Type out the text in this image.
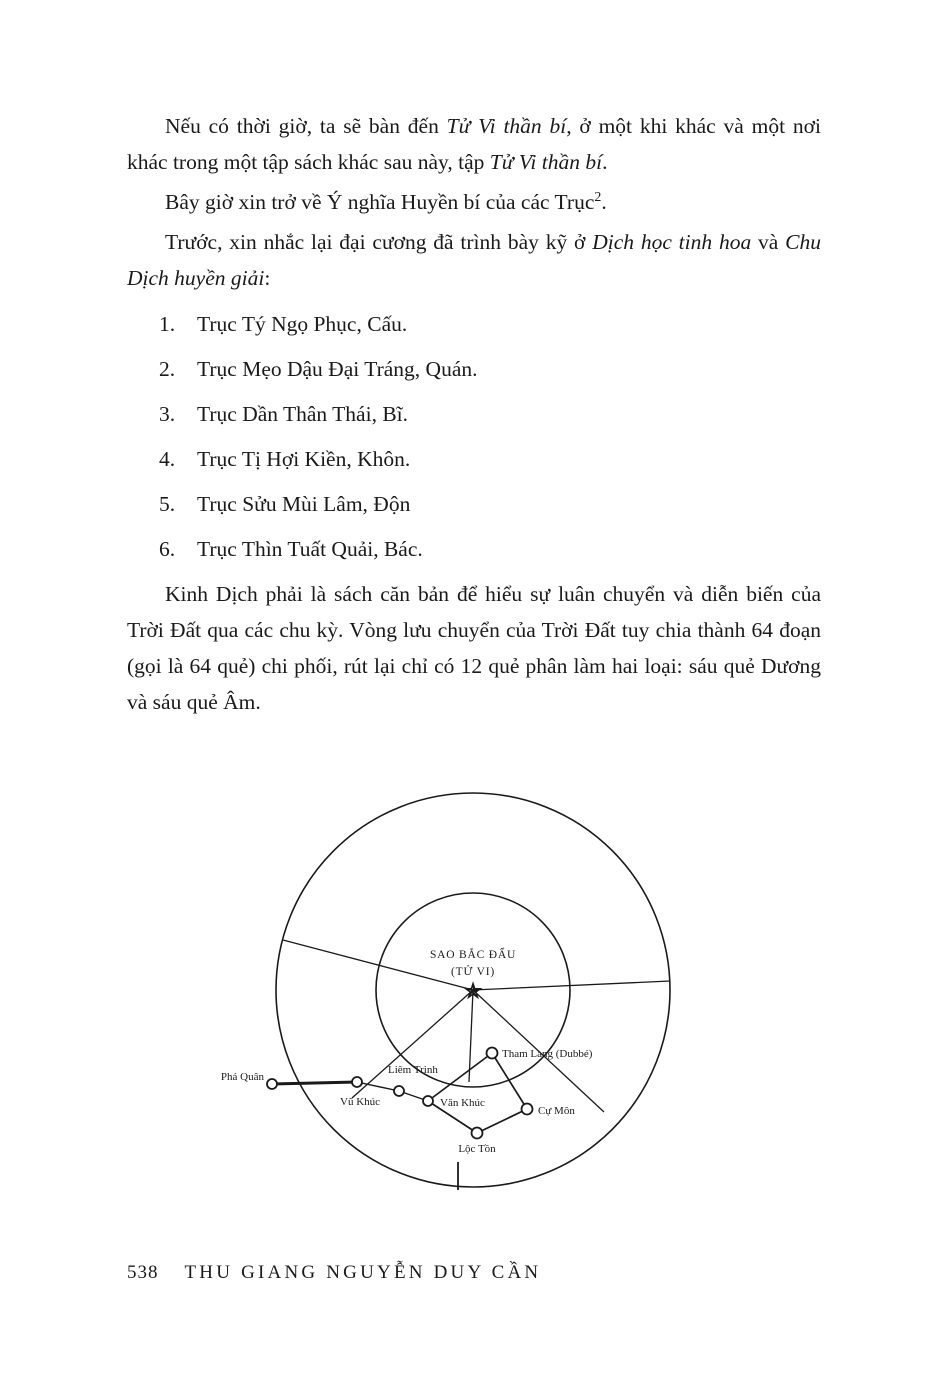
Nếu có thời giờ, ta sẽ bàn đến Tử Vi thần bí, ở một khi khác và một nơi khác trong một tập sách khác sau này, tập Tử Vi thần bí.

Bây giờ xin trở về Ý nghĩa Huyền bí của các Trục$^2$.

Trước, xin nhắc lại đại cương đã trình bày kỹ ở Dịch học tinh hoa và Chu Dịch huyền giải:

1.	Trục Tý Ngọ Phục, Cấu.
2.	Trục Mẹo Dậu Đại Tráng, Quán.
3.	Trục Dần Thân Thái, Bĩ.
4.	Trục Tị Hợi Kiền, Khôn.
5.	Trục Sửu Mùi Lâm, Độn
6.	Trục Thìn Tuất Quải, Bác.

Kinh Dịch phải là sách căn bản để hiểu sự luân chuyển và diễn biến của Trời Đất qua các chu kỳ. Vòng lưu chuyển của Trời Đất tuy chia thành 64 đoạn (gọi là 64 quẻ) chi phối, rút lại chỉ có 12 quẻ phân làm hai loại: sáu quẻ Dương và sáu quẻ Âm.

SAO BẮC ĐẨU
(TỬ VI)
✯
Phá Quân
Vũ Khúc
Liêm Trinh
Văn Khúc
Tham Lang (Dubbé)
Cự Môn
Lộc Tồn
538 THU GIANG NGUYỄN DUY CẦN
